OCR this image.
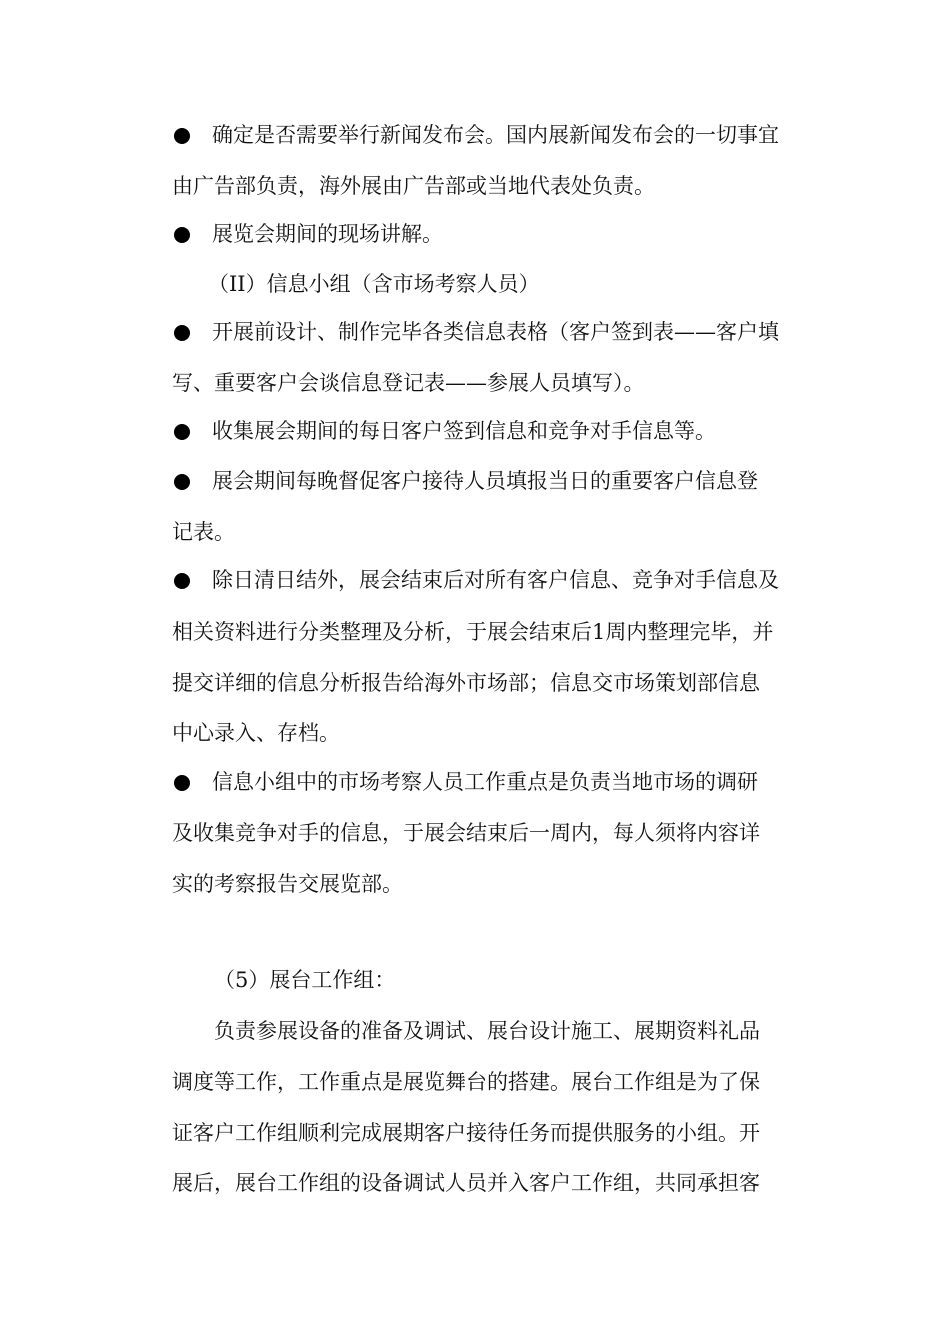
确定是否需要举行新闻发布会。国内展新闻发布会的一切事宜
由广告部负责，海外展由广告部或当地代表处负责。
展览会期间的现场讲解。
（II）信息小组（含市场考察人员）
开展前设计、制作完毕各类信息表格（客户签到表——客户填
写、重要客户会谈信息登记表——参展人员填写）。
收集展会期间的每日客户签到信息和竞争对手信息等。
展会期间每晚督促客户接待人员填报当日的重要客户信息登
记表。
除日清日结外，展会结束后对所有客户信息、竞争对手信息及
相关资料进行分类整理及分析，于展会结束后1周内整理完毕，并
提交详细的信息分析报告给海外市场部；信息交市场策划部信息
中心录入、存档。
信息小组中的市场考察人员工作重点是负责当地市场的调研
及收集竞争对手的信息，于展会结束后一周内，每人须将内容详
实的考察报告交展览部。
（5）展台工作组：
负责参展设备的准备及调试、展台设计施工、展期资料礼品
调度等工作，工作重点是展览舞台的搭建。展台工作组是为了保
证客户工作组顺利完成展期客户接待任务而提供服务的小组。开
展后，展台工作组的设备调试人员并入客户工作组，共同承担客
